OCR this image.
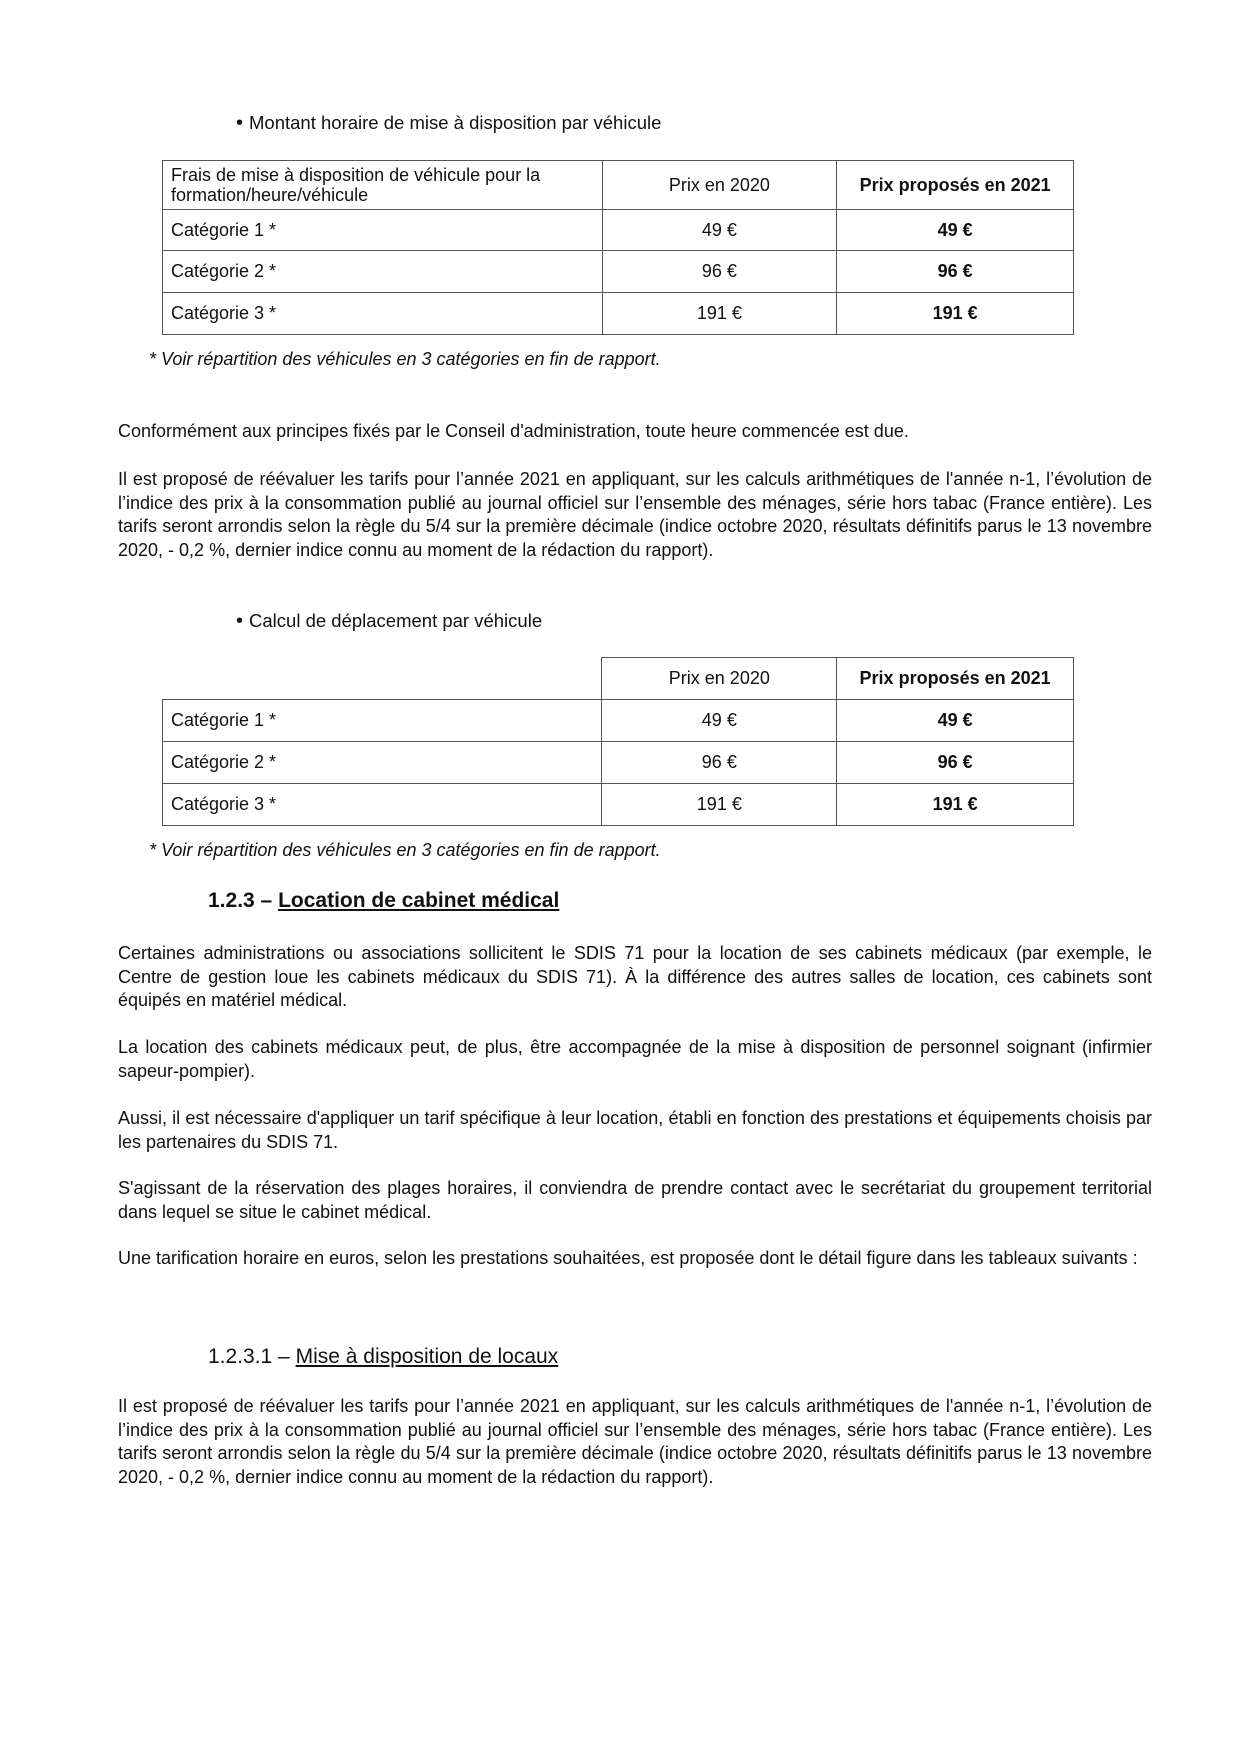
• Montant horaire de mise à disposition par véhicule
Frais de mise à disposition de véhicule pour la formation/heure/véhicule	Prix en 2020	Prix proposés en 2021
Catégorie 1 *	49 €	49 €
Catégorie 2 *	96 €	96 €
Catégorie 3 *	191 €	191 €
* Voir répartition des véhicules en 3 catégories en fin de rapport.
Conformément aux principes fixés par le Conseil d'administration, toute heure commencée est due.
Il est proposé de réévaluer les tarifs pour l’année 2021 en appliquant, sur les calculs arithmétiques de l'année n-1, l’évolution de l’indice des prix à la consommation publié au journal officiel sur l’ensemble des ménages, série hors tabac (France entière). Les tarifs seront arrondis selon la règle du 5/4 sur la première décimale (indice octobre 2020, résultats définitifs parus le 13 novembre 2020, - 0,2 %, dernier indice connu au moment de la rédaction du rapport).
• Calcul de déplacement par véhicule
	Prix en 2020	Prix proposés en 2021
Catégorie 1 *	49 €	49 €
Catégorie 2 *	96 €	96 €
Catégorie 3 *	191 €	191 €
* Voir répartition des véhicules en 3 catégories en fin de rapport.
1.2.3 – Location de cabinet médical
Certaines administrations ou associations sollicitent le SDIS 71 pour la location de ses cabinets médicaux (par exemple, le Centre de gestion loue les cabinets médicaux du SDIS 71). À la différence des autres salles de location, ces cabinets sont équipés en matériel médical.
La location des cabinets médicaux peut, de plus, être accompagnée de la mise à disposition de personnel soignant (infirmier sapeur-pompier).
Aussi, il est nécessaire d'appliquer un tarif spécifique à leur location, établi en fonction des prestations et équipements choisis par les partenaires du SDIS 71.
S'agissant de la réservation des plages horaires, il conviendra de prendre contact avec le secrétariat du groupement territorial dans lequel se situe le cabinet médical.
Une tarification horaire en euros, selon les prestations souhaitées, est proposée dont le détail figure dans les tableaux suivants :
1.2.3.1 – Mise à disposition de locaux
Il est proposé de réévaluer les tarifs pour l’année 2021 en appliquant, sur les calculs arithmétiques de l'année n-1, l’évolution de l’indice des prix à la consommation publié au journal officiel sur l’ensemble des ménages, série hors tabac (France entière). Les tarifs seront arrondis selon la règle du 5/4 sur la première décimale (indice octobre 2020, résultats définitifs parus le 13 novembre 2020, - 0,2 %, dernier indice connu au moment de la rédaction du rapport).
